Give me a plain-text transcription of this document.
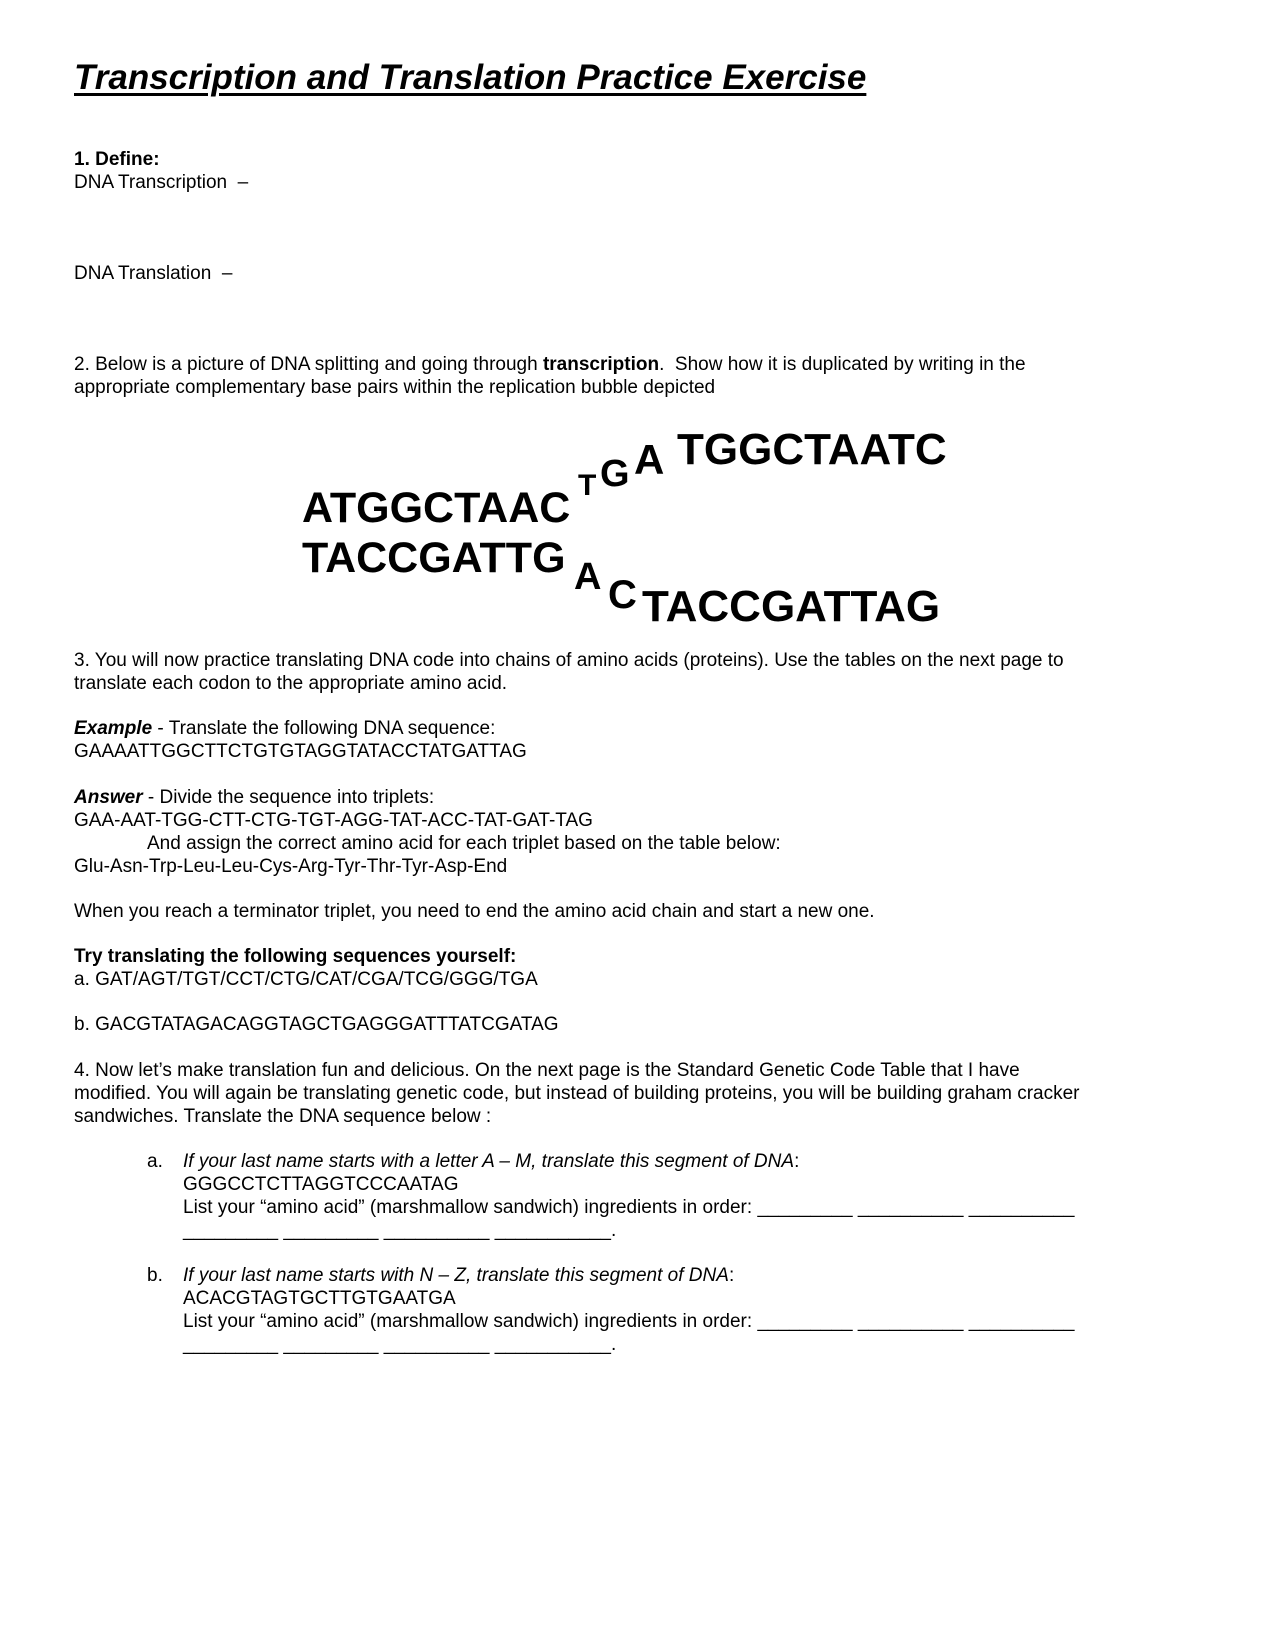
Transcription and Translation Practice Exercise
1. Define:
DNA Transcription  –
DNA Translation  –
2. Below is a picture of DNA splitting and going through transcription.  Show how it is duplicated by writing in the
appropriate complementary base pairs within the replication bubble depicted
ATGGCTAAC T G A TGGCTAATC
TACCGATTG A C TACCGATTAG
3. You will now practice translating DNA code into chains of amino acids (proteins). Use the tables on the next page to
translate each codon to the appropriate amino acid.
Example - Translate the following DNA sequence:
GAAAATTGGCTTCTGTGTAGGTATACCTATGATTAG
Answer - Divide the sequence into triplets:
GAA-AAT-TGG-CTT-CTG-TGT-AGG-TAT-ACC-TAT-GAT-TAG
And assign the correct amino acid for each triplet based on the table below:
Glu-Asn-Trp-Leu-Leu-Cys-Arg-Tyr-Thr-Tyr-Asp-End
When you reach a terminator triplet, you need to end the amino acid chain and start a new one.
Try translating the following sequences yourself:
a. GAT/AGT/TGT/CCT/CTG/CAT/CGA/TCG/GGG/TGA
b. GACGTATAGACAGGTAGCTGAGGGATTTATCGATAG
4. Now let’s make translation fun and delicious. On the next page is the Standard Genetic Code Table that I have
modified. You will again be translating genetic code, but instead of building proteins, you will be building graham cracker
sandwiches. Translate the DNA sequence below :
a. If your last name starts with a letter A – M, translate this segment of DNA:
GGGCCTCTTAGGTCCCAATAG
List your “amino acid” (marshmallow sandwich) ingredients in order: _________ __________ __________
_________ _________ __________ ___________.
b. If your last name starts with N – Z, translate this segment of DNA:
ACACGTAGTGCTTGTGAATGA
List your “amino acid” (marshmallow sandwich) ingredients in order: _________ __________ __________
_________ _________ __________ ___________.
